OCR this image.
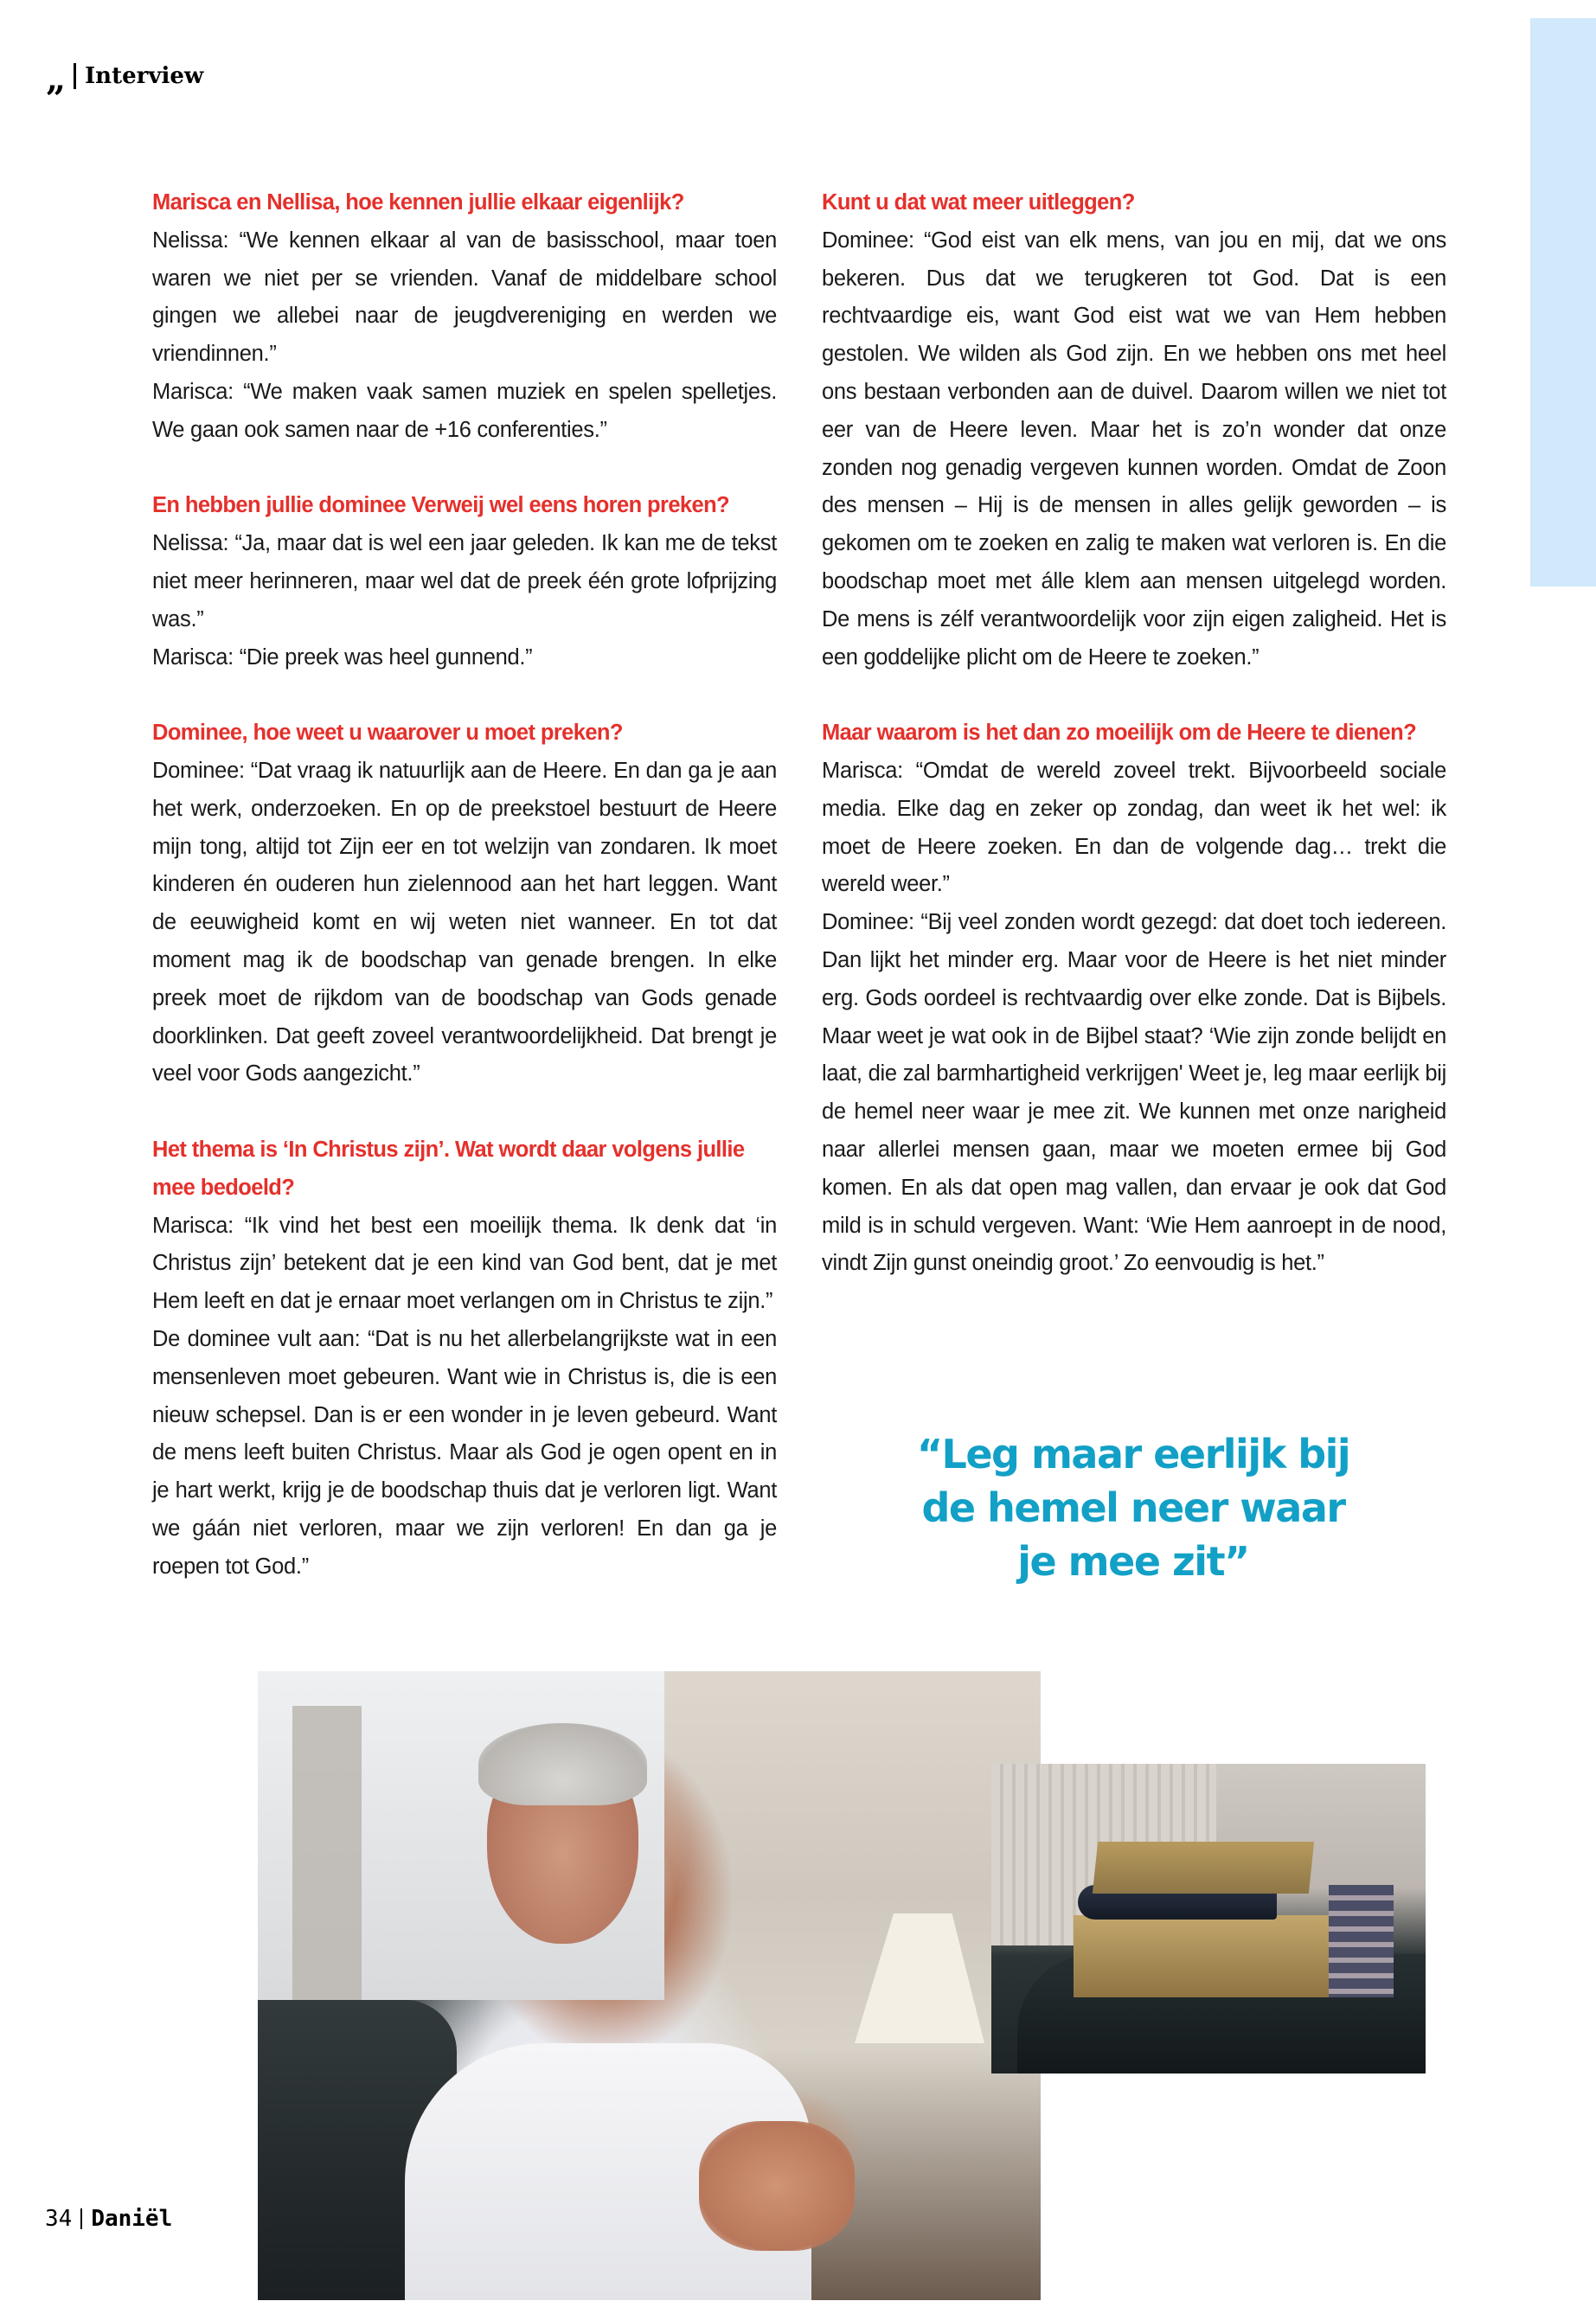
“ Interview
Marisca en Nellisa, hoe kennen jullie elkaar eigenlijk?
Nelissa: “We kennen elkaar al van de basisschool, maar toen waren we niet per se vrienden. Vanaf de middelbare school gingen we allebei naar de jeugdvereniging en werden we vriendinnen.”
Marisca: “We maken vaak samen muziek en spelen spelletjes. We gaan ook samen naar de +16 conferenties.”
En hebben jullie dominee Verweij wel eens horen preken?
Nelissa: “Ja, maar dat is wel een jaar geleden. Ik kan me de tekst niet meer herinneren, maar wel dat de preek één grote lofprijzing was.”
Marisca: “Die preek was heel gunnend.”
Dominee, hoe weet u waarover u moet preken?
Dominee: “Dat vraag ik natuurlijk aan de Heere. En dan ga je aan het werk, onderzoeken. En op de preekstoel bestuurt de Heere mijn tong, altijd tot Zijn eer en tot welzijn van zondaren. Ik moet kinderen én ouderen hun zielennood aan het hart leggen. Want de eeuwigheid komt en wij weten niet wanneer. En tot dat moment mag ik de boodschap van genade brengen. In elke preek moet de rijkdom van de boodschap van Gods genade doorklinken. Dat geeft zoveel verantwoordelijkheid. Dat brengt je veel voor Gods aangezicht.”
Het thema is ‘In Christus zijn’. Wat wordt daar volgens jullie mee bedoeld?
Marisca: “Ik vind het best een moeilijk thema. Ik denk dat ‘in Christus zijn’ betekent dat je een kind van God bent, dat je met Hem leeft en dat je ernaar moet verlangen om in Christus te zijn.”
De dominee vult aan: “Dat is nu het allerbelangrijkste wat in een mensenleven moet gebeuren. Want wie in Christus is, die is een nieuw schepsel. Dan is er een wonder in je leven gebeurd. Want de mens leeft buiten Christus. Maar als God je ogen opent en in je hart werkt, krijg je de boodschap thuis dat je verloren ligt. Want we gáán niet verloren, maar we zijn verloren! En dan ga je roepen tot God.”
Kunt u dat wat meer uitleggen?
Dominee: “God eist van elk mens, van jou en mij, dat we ons bekeren. Dus dat we terugkeren tot God. Dat is een rechtvaardige eis, want God eist wat we van Hem hebben gestolen. We wilden als God zijn. En we hebben ons met heel ons bestaan verbonden aan de duivel. Daarom willen we niet tot eer van de Heere leven. Maar het is zo’n wonder dat onze zonden nog genadig vergeven kunnen worden. Omdat de Zoon des mensen – Hij is de mensen in alles gelijk geworden – is gekomen om te zoeken en zalig te maken wat verloren is. En die boodschap moet met álle klem aan mensen uitgelegd worden. De mens is zélf verantwoordelijk voor zijn eigen zaligheid. Het is een goddelijke plicht om de Heere te zoeken.”
Maar waarom is het dan zo moeilijk om de Heere te dienen?
Marisca: “Omdat de wereld zoveel trekt. Bijvoorbeeld sociale media. Elke dag en zeker op zondag, dan weet ik het wel: ik moet de Heere zoeken. En dan de volgende dag… trekt die wereld weer.”
Dominee: “Bij veel zonden wordt gezegd: dat doet toch iedereen. Dan lijkt het minder erg. Maar voor de Heere is het niet minder erg. Gods oordeel is rechtvaardig over elke zonde. Dat is Bijbels. Maar weet je wat ook in de Bijbel staat? ‘Wie zijn zonde belijdt en laat, die zal barmhartigheid verkrijgen' Weet je, leg maar eerlijk bij de hemel neer waar je mee zit. We kunnen met onze narigheid naar allerlei mensen gaan, maar we moeten ermee bij God komen. En als dat open mag vallen, dan ervaar je ook dat God mild is in schuld vergeven. Want: ‘Wie Hem aanroept in de nood, vindt Zijn gunst oneindig groot.’ Zo eenvoudig is het.”
“Leg maar eerlijk bij de hemel neer waar je mee zit”
34 Daniël
